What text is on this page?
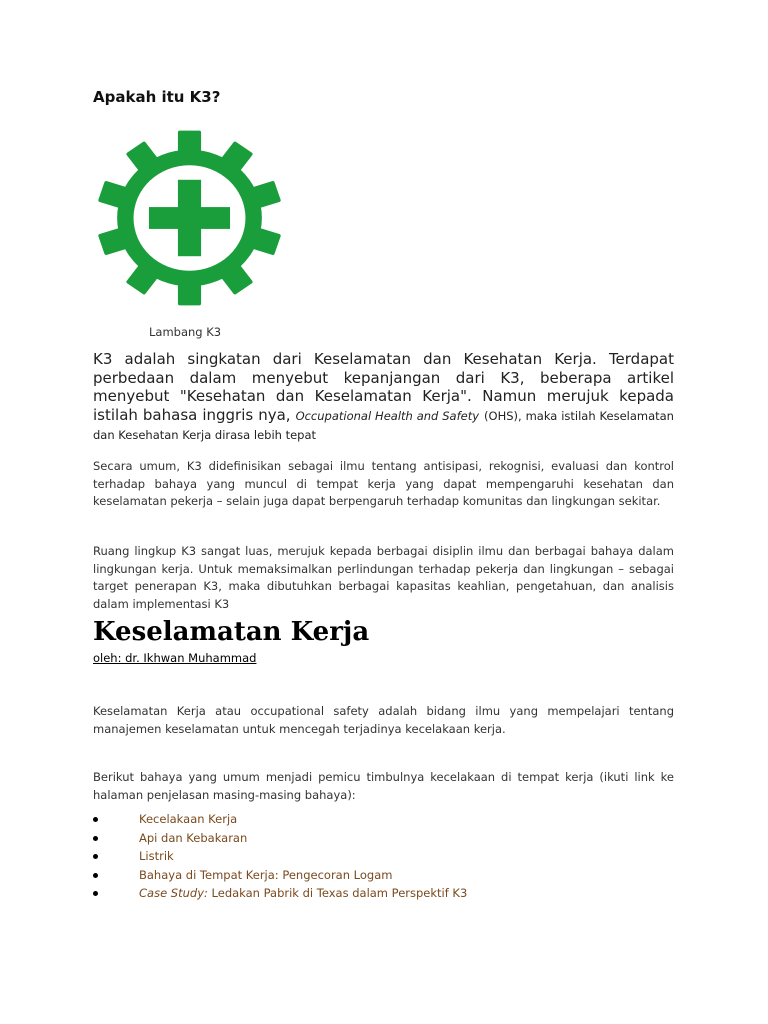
Apakah itu K3?
Lambang K3

K3 adalah singkatan dari Keselamatan dan Kesehatan Kerja. Terdapat perbedaan dalam menyebut kepanjangan dari K3, beberapa artikel menyebut "Kesehatan dan Keselamatan Kerja". Namun merujuk kepada istilah bahasa inggris nya, Occupational Health and Safety (OHS), maka istilah Keselamatan dan Kesehatan Kerja dirasa lebih tepat

Secara umum, K3 didefinisikan sebagai ilmu tentang antisipasi, rekognisi, evaluasi dan kontrol terhadap bahaya yang muncul di tempat kerja yang dapat mempengaruhi kesehatan dan keselamatan pekerja – selain juga dapat berpengaruh terhadap komunitas dan lingkungan sekitar.

Ruang lingkup K3 sangat luas, merujuk kepada berbagai disiplin ilmu dan berbagai bahaya dalam lingkungan kerja. Untuk memaksimalkan perlindungan terhadap pekerja dan lingkungan – sebagai target penerapan K3, maka dibutuhkan berbagai kapasitas keahlian, pengetahuan, dan analisis dalam implementasi K3

Keselamatan Kerja
oleh: dr. Ikhwan Muhammad

Keselamatan Kerja atau occupational safety adalah bidang ilmu yang mempelajari tentang manajemen keselamatan untuk mencegah terjadinya kecelakaan kerja.

Berikut bahaya yang umum menjadi pemicu timbulnya kecelakaan di tempat kerja (ikuti link ke halaman penjelasan masing-masing bahaya):

Kecelakaan Kerja
Api dan Kebakaran
Listrik
Bahaya di Tempat Kerja: Pengecoran Logam
Case Study: Ledakan Pabrik di Texas dalam Perspektif K3
